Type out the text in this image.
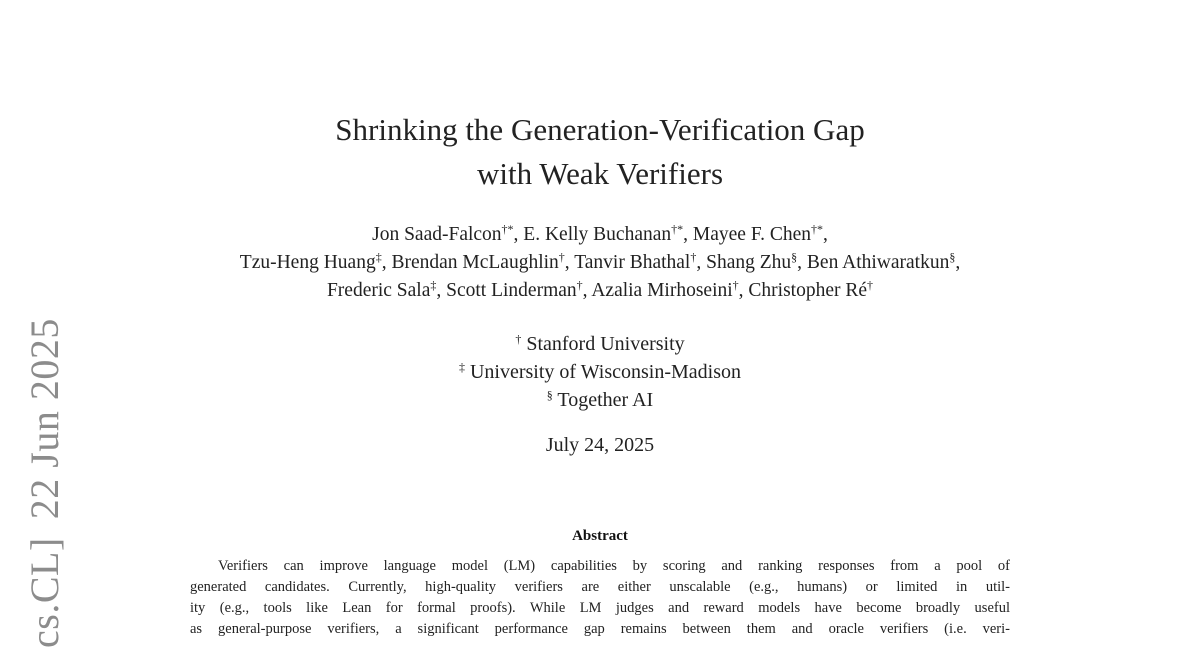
cs.CL]22 Jun 2025
Shrinking the Generation-Verification Gap
with Weak Verifiers
Jon Saad-Falcon†*, E. Kelly Buchanan†*, Mayee F. Chen†*,
Tzu-Heng Huang‡, Brendan McLaughlin†, Tanvir Bhathal†, Shang Zhu§, Ben Athiwaratkun§,
Frederic Sala‡, Scott Linderman†, Azalia Mirhoseini†, Christopher Ré†
† Stanford University
‡ University of Wisconsin-Madison
§ Together AI
July 24, 2025
Abstract
Verifiers can improve language model (LM) capabilities by scoring and ranking responses from a pool of
generated candidates. Currently, high-quality verifiers are either unscalable (e.g., humans) or limited in util-
ity (e.g., tools like Lean for formal proofs). While LM judges and reward models have become broadly useful
as general-purpose verifiers, a significant performance gap remains between them and oracle verifiers (i.e. veri-
